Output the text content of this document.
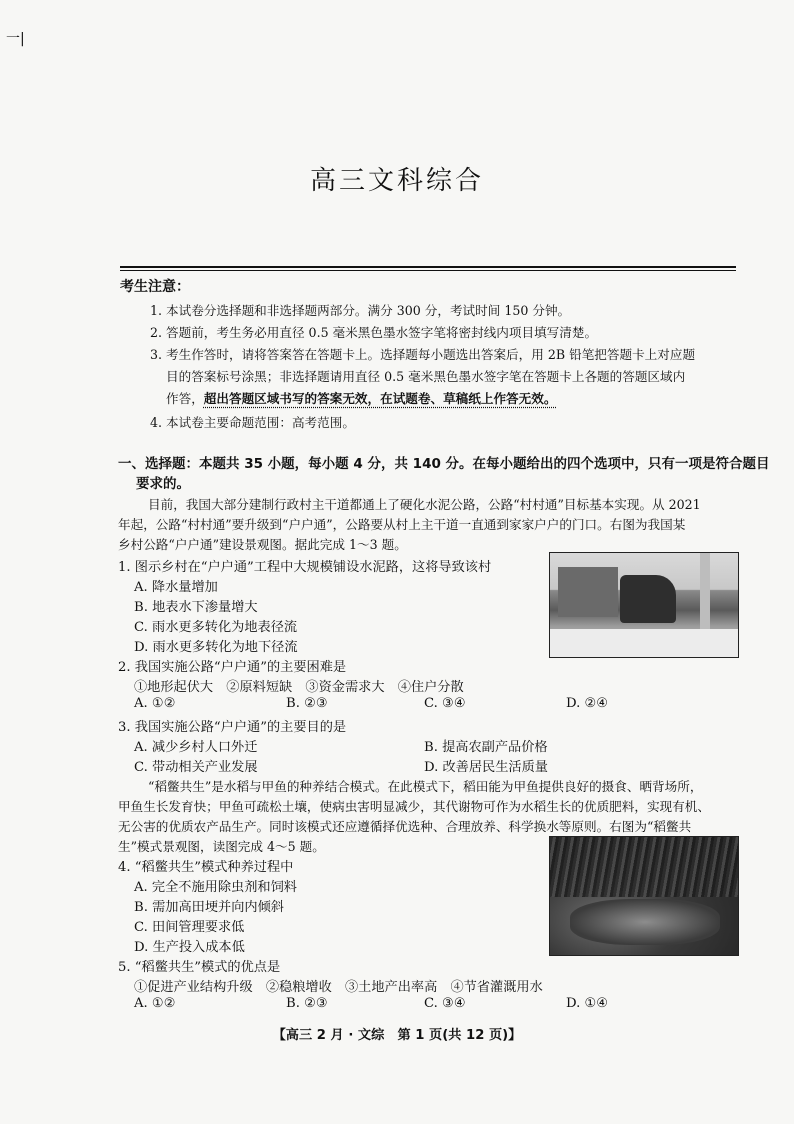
一|
高三文科综合
考生注意：
1. 本试卷分选择题和非选择题两部分。满分 300 分，考试时间 150 分钟。
2. 答题前，考生务必用直径 0.5 毫米黑色墨水签字笔将密封线内项目填写清楚。
3. 考生作答时，请将答案答在答题卡上。选择题每小题选出答案后，用 2B 铅笔把答题卡上对应题
目的答案标号涂黑；非选择题请用直径 0.5 毫米黑色墨水签字笔在答题卡上各题的答题区域内
作答，超出答题区域书写的答案无效，在试题卷、草稿纸上作答无效。
4. 本试卷主要命题范围：高考范围。
一、选择题：本题共 35 小题，每小题 4 分，共 140 分。在每小题给出的四个选项中，只有一项是符合题目
要求的。
目前，我国大部分建制行政村主干道都通上了硬化水泥公路，公路“村村通”目标基本实现。从 2021
年起，公路“村村通”要升级到“户户通”，公路要从村上主干道一直通到家家户户的门口。右图为我国某
乡村公路“户户通”建设景观图。据此完成 1～3 题。
1. 图示乡村在“户户通”工程中大规模铺设水泥路，这将导致该村
A. 降水量增加
B. 地表水下渗量增大
C. 雨水更多转化为地表径流
D. 雨水更多转化为地下径流
2. 我国实施公路“户户通”的主要困难是
①地形起伏大　②原料短缺　③资金需求大　④住户分散
A. ①②	B. ②③	C. ③④	D. ②④
3. 我国实施公路“户户通”的主要目的是
A. 减少乡村人口外迁	B. 提高农副产品价格
C. 带动相关产业发展	D. 改善居民生活质量
“稻鳖共生”是水稻与甲鱼的种养结合模式。在此模式下，稻田能为甲鱼提供良好的摄食、晒背场所，
甲鱼生长发育快；甲鱼可疏松土壤，使病虫害明显减少，其代谢物可作为水稻生长的优质肥料，实现有机、
无公害的优质农产品生产。同时该模式还应遵循择优选种、合理放养、科学换水等原则。右图为“稻鳖共
生”模式景观图，读图完成 4～5 题。
4. “稻鳖共生”模式种养过程中
A. 完全不施用除虫剂和饲料
B. 需加高田埂并向内倾斜
C. 田间管理要求低
D. 生产投入成本低
5. “稻鳖共生”模式的优点是
①促进产业结构升级　②稳粮增收　③土地产出率高　④节省灌溉用水
A. ①②	B. ②③	C. ③④	D. ①④
【高三 2 月 · 文综　第 1 页(共 12 页)】
